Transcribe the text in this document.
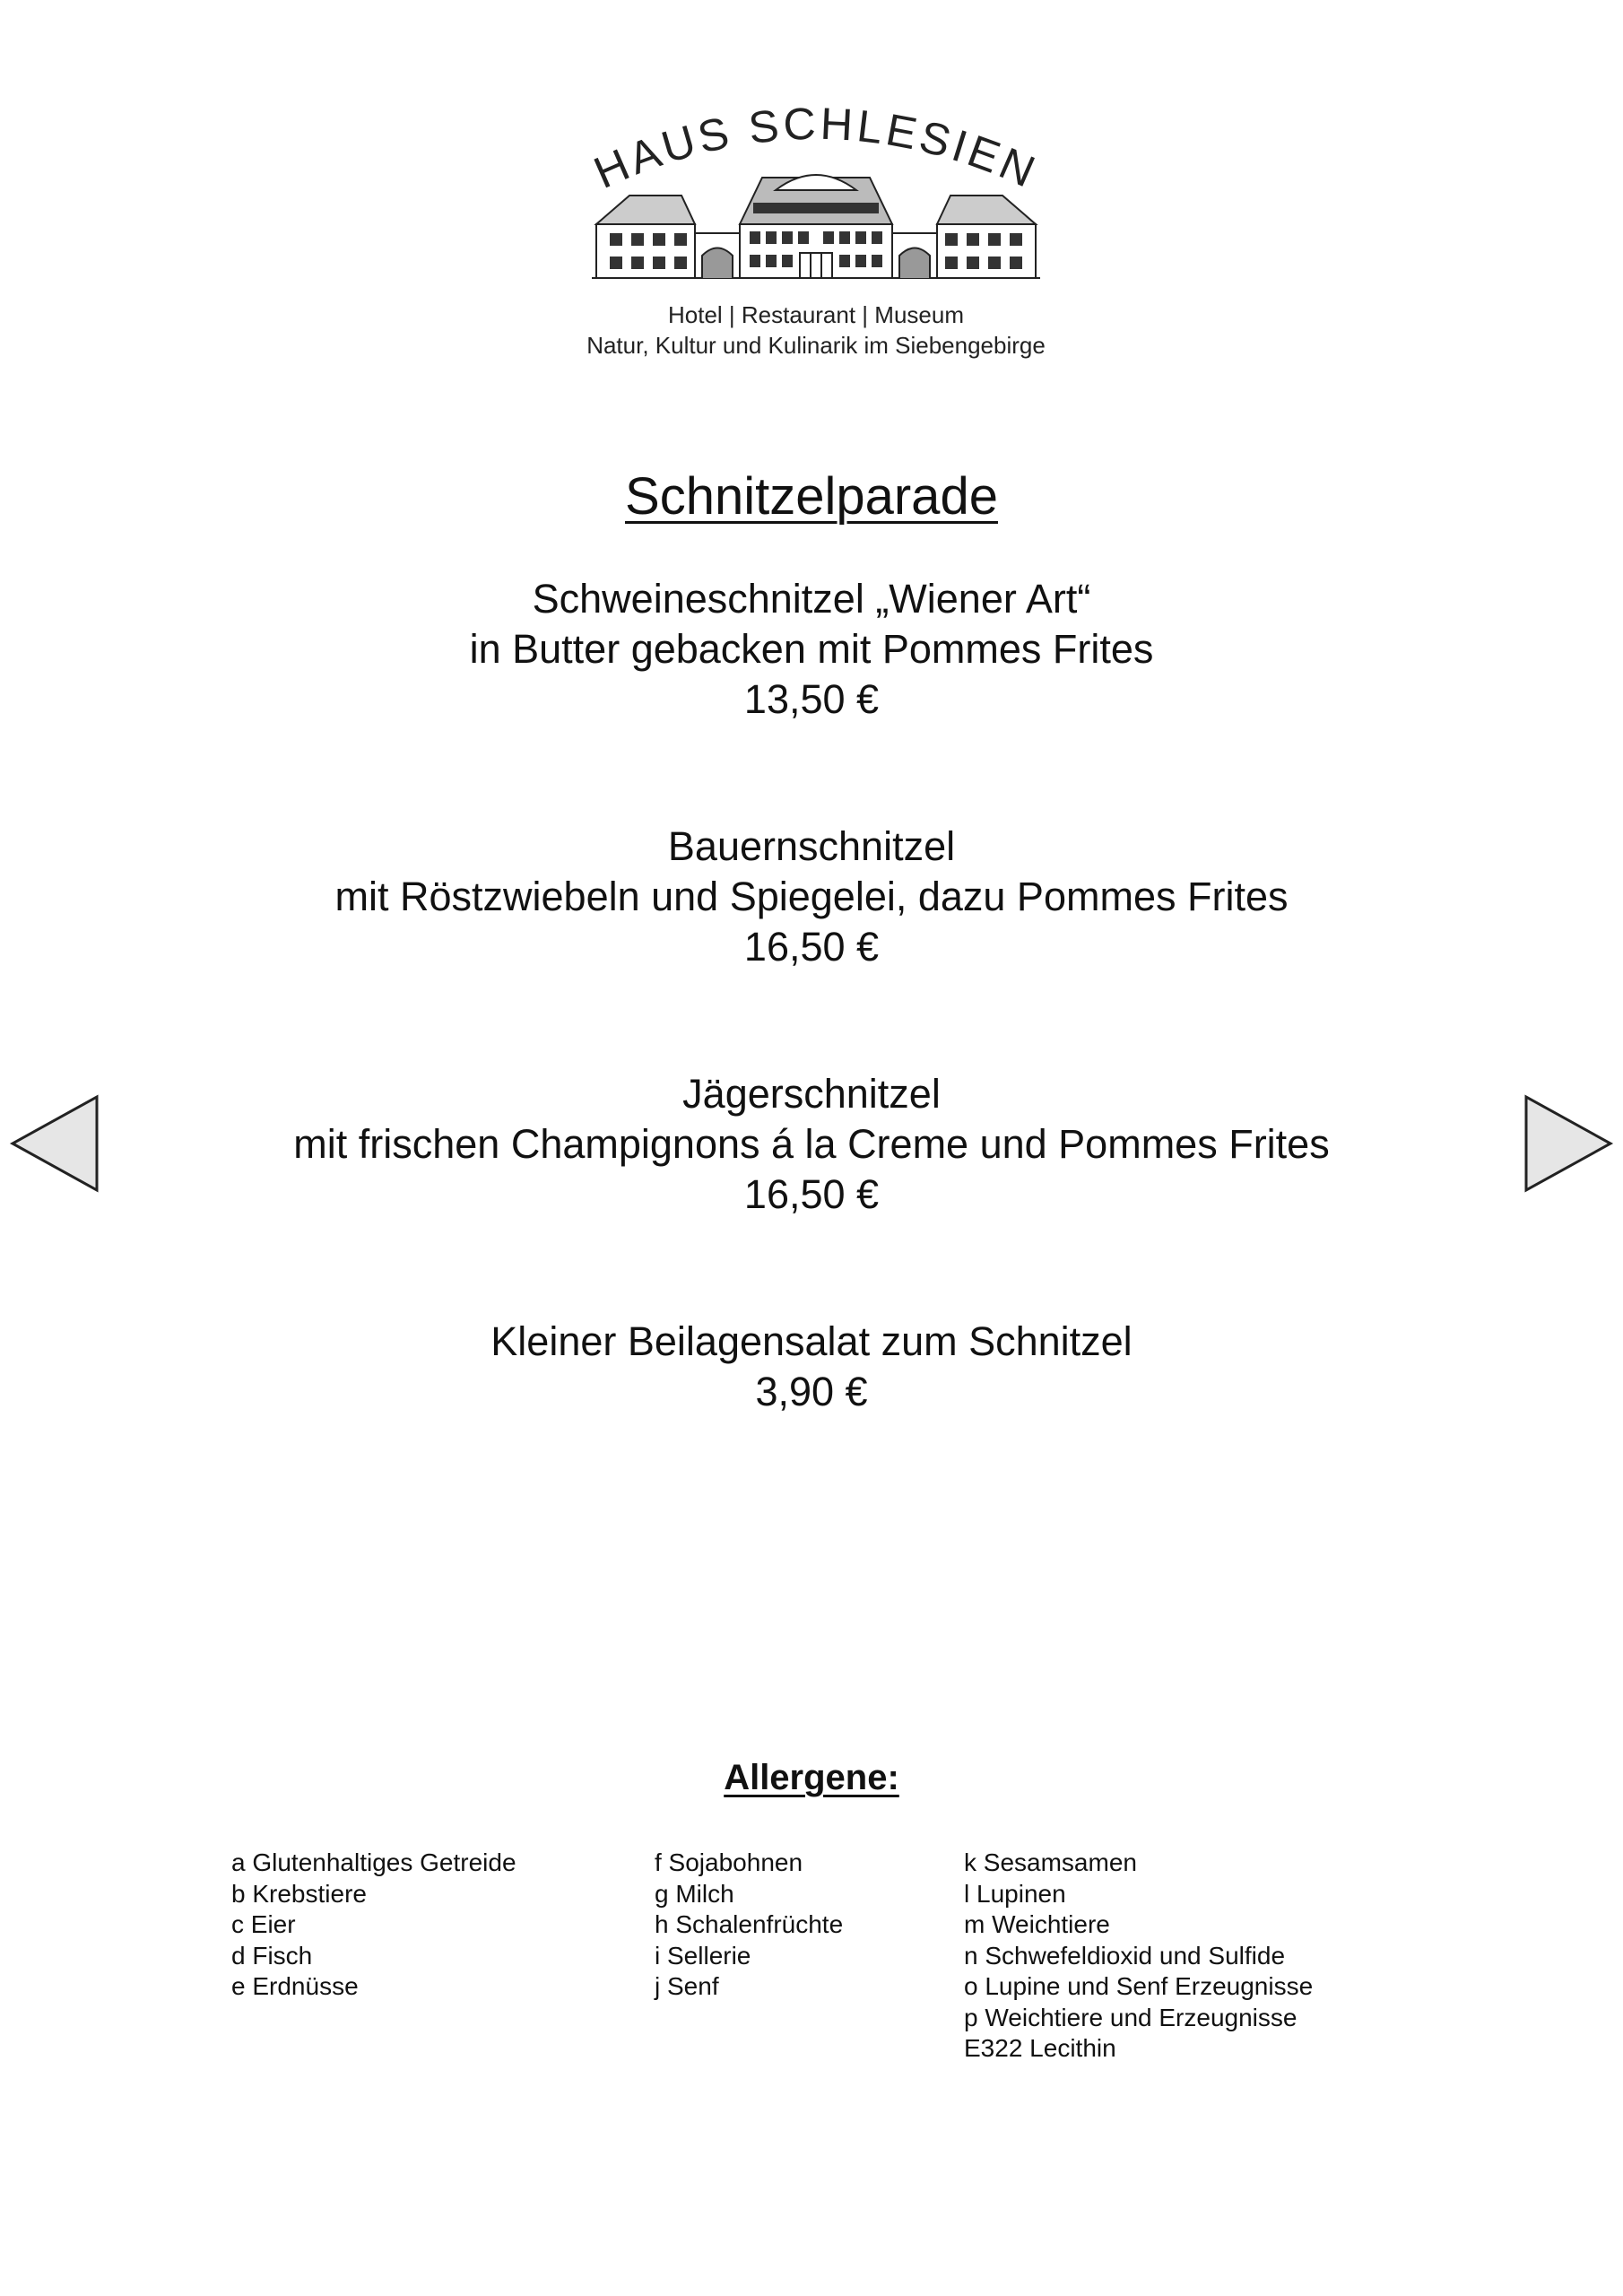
HAUS SCHLESIEN
Hotel | Restaurant | Museum
Natur, Kultur und Kulinarik im Siebengebirge
Schnitzelparade
Schweineschnitzel „Wiener Art“
in Butter gebacken mit Pommes Frites
13,50 €
Bauernschnitzel
mit Röstzwiebeln und Spiegelei, dazu Pommes Frites
16,50 €
Jägerschnitzel
mit frischen Champignons á la Creme und Pommes Frites
16,50 €
Kleiner Beilagensalat zum Schnitzel
3,90 €
Allergene:
a Glutenhaltiges Getreide
b Krebstiere
c Eier
d Fisch
e Erdnüsse
f Sojabohnen
g Milch
h Schalenfrüchte
i Sellerie
j Senf
k Sesamsamen
l Lupinen
m Weichtiere
n Schwefeldioxid und Sulfide
o Lupine und Senf Erzeugnisse
p Weichtiere und Erzeugnisse
E322 Lecithin
